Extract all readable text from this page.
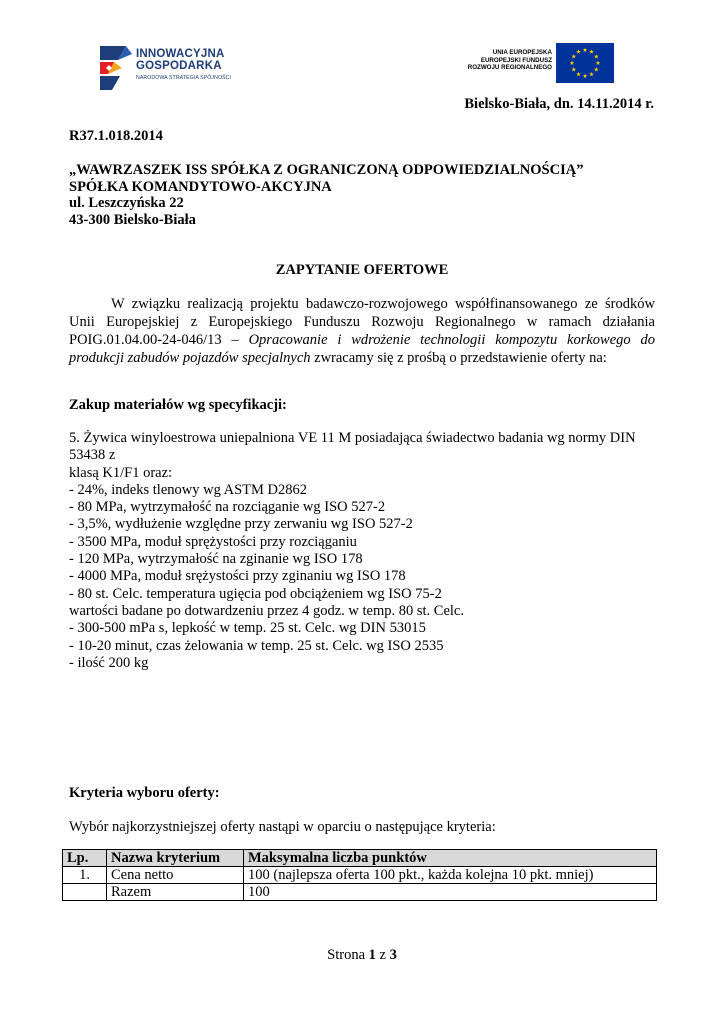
INNOWACYJNA
GOSPODARKA
NARODOWA STRATEGIA SPÓJNOŚCI
UNIA EUROPEJSKA
EUROPEJSKI FUNDUSZ
ROZWOJU REGIONALNEGO
Bielsko-Biała, dn. 14.11.2014 r.
R37.1.018.2014
„WAWRZASZEK ISS SPÓŁKA Z OGRANICZONĄ ODPOWIEDZIALNOŚCIĄ”
SPÓŁKA KOMANDYTOWO-AKCYJNA
ul. Leszczyńska 22
43-300 Bielsko-Biała
ZAPYTANIE OFERTOWE
W związku realizacją projektu badawczo-rozwojowego współfinansowanego ze środków
Unii Europejskiej z Europejskiego Funduszu Rozwoju Regionalnego w ramach działania
POIG.01.04.00-24-046/13 – Opracowanie i wdrożenie technologii kompozytu korkowego do
produkcji zabudów pojazdów specjalnych zwracamy się z prośbą o przedstawienie oferty na:
Zakup materiałów wg specyfikacji:
5. Żywica winyloestrowa uniepalniona VE 11 M posiadająca świadectwo badania wg normy DIN
53438 z
klasą K1/F1 oraz:
- 24%, indeks tlenowy wg ASTM D2862
- 80 MPa, wytrzymałość na rozciąganie wg ISO 527-2
- 3,5%, wydłużenie względne przy zerwaniu wg ISO 527-2
- 3500 MPa, moduł sprężystości przy rozciąganiu
- 120 MPa, wytrzymałość na zginanie wg ISO 178
- 4000 MPa, moduł srężystości przy zginaniu wg ISO 178
- 80 st. Celc. temperatura ugięcia pod obciążeniem wg ISO 75-2
wartości badane po dotwardzeniu przez 4 godz. w temp. 80 st. Celc.
- 300-500 mPa s, lepkość w temp. 25 st. Celc. wg DIN 53015
- 10-20 minut, czas żelowania w temp. 25 st. Celc. wg ISO 2535
- ilość 200 kg
Kryteria wyboru oferty:
Wybór najkorzystniejszej oferty nastąpi w oparciu o następujące kryteria:
Lp.	Nazwa kryterium	Maksymalna liczba punktów
1.	Cena netto	100 (najlepsza oferta 100 pkt., każda kolejna 10 pkt. mniej)
	Razem	100
Strona 1 z 3
